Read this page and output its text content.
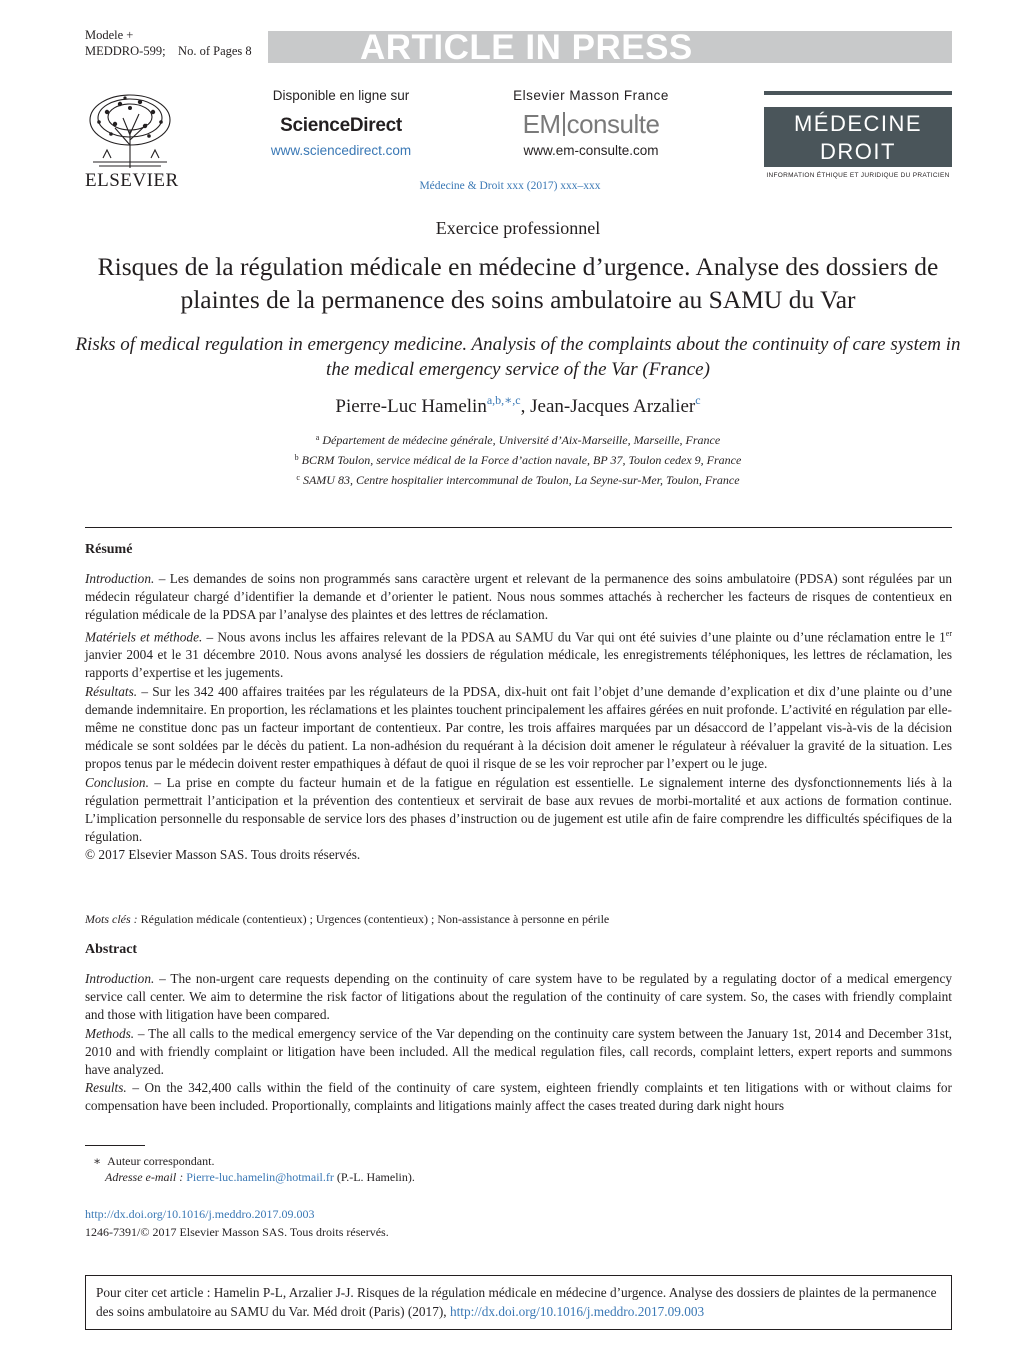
Modele +
MEDDRO-599;    No. of Pages 8	ARTICLE IN PRESS
ELSEVIER
Disponible en ligne sur
ScienceDirect
www.sciencedirect.com
Elsevier Masson France
EM consulte
www.em-consulte.com
MÉDECINE
DROIT
INFORMATION ÉTHIQUE ET JURIDIQUE DU PRATICIEN
Médecine & Droit xxx (2017) xxx–xxx
Exercice professionnel
Risques de la régulation médicale en médecine d’urgence. Analyse des dossiers de plaintes de la permanence des soins ambulatoire au SAMU du Var
Risks of medical regulation in emergency medicine. Analysis of the complaints about the continuity of care system in the medical emergency service of the Var (France)
Pierre-Luc Hamelin$^{a,b,∗,c}$, Jean-Jacques Arzalier$^c$
$^a$ Département de médecine générale, Université d’Aix-Marseille, Marseille, France
$^b$ BCRM Toulon, service médical de la Force d’action navale, BP 37, Toulon cedex 9, France
$^c$ SAMU 83, Centre hospitalier intercommunal de Toulon, La Seyne-sur-Mer, Toulon, France
Résumé
Introduction. – Les demandes de soins non programmés sans caractère urgent et relevant de la permanence des soins ambulatoire (PDSA) sont régulées par un médecin régulateur chargé d’identifier la demande et d’orienter le patient. Nous nous sommes attachés à rechercher les facteurs de risques de contentieux en régulation médicale de la PDSA par l’analyse des plaintes et des lettres de réclamation.
Matériels et méthode. – Nous avons inclus les affaires relevant de la PDSA au SAMU du Var qui ont été suivies d’une plainte ou d’une réclamation entre le 1er janvier 2004 et le 31 décembre 2010. Nous avons analysé les dossiers de régulation médicale, les enregistrements téléphoniques, les lettres de réclamation, les rapports d’expertise et les jugements.
Résultats. – Sur les 342 400 affaires traitées par les régulateurs de la PDSA, dix-huit ont fait l’objet d’une demande d’explication et dix d’une plainte ou d’une demande indemnitaire. En proportion, les réclamations et les plaintes touchent principalement les affaires gérées en nuit profonde. L’activité en régulation par elle-même ne constitue donc pas un facteur important de contentieux. Par contre, les trois affaires marquées par un désaccord de l’appelant vis-à-vis de la décision médicale se sont soldées par le décès du patient. La non-adhésion du requérant à la décision doit amener le régulateur à réévaluer la gravité de la situation. Les propos tenus par le médecin doivent rester empathiques à défaut de quoi il risque de se les voir reprocher par l’expert ou le juge.
Conclusion. – La prise en compte du facteur humain et de la fatigue en régulation est essentielle. Le signalement interne des dysfonctionnements liés à la régulation permettrait l’anticipation et la prévention des contentieux et servirait de base aux revues de morbi-mortalité et aux actions de formation continue. L’implication personnelle du responsable de service lors des phases d’instruction ou de jugement est utile afin de faire comprendre les difficultés spécifiques de la régulation.
© 2017 Elsevier Masson SAS. Tous droits réservés.
Mots clés : Régulation médicale (contentieux) ; Urgences (contentieux) ; Non-assistance à personne en périle
Abstract
Introduction. – The non-urgent care requests depending on the continuity of care system have to be regulated by a regulating doctor of a medical emergency service call center. We aim to determine the risk factor of litigations about the regulation of the continuity of care system. So, the cases with friendly complaint and those with litigation have been compared.
Methods. – The all calls to the medical emergency service of the Var depending on the continuity care system between the January 1st, 2014 and December 31st, 2010 and with friendly complaint or litigation have been included. All the medical regulation files, call records, complaint letters, expert reports and summons have analyzed.
Results. – On the 342,400 calls within the field of the continuity of care system, eighteen friendly complaints et ten litigations with or without claims for compensation have been included. Proportionally, complaints and litigations mainly affect the cases treated during dark night hours
∗ Auteur correspondant.
Adresse e-mail : Pierre-luc.hamelin@hotmail.fr (P.-L. Hamelin).
http://dx.doi.org/10.1016/j.meddro.2017.09.003
1246-7391/© 2017 Elsevier Masson SAS. Tous droits réservés.
Pour citer cet article : Hamelin P-L, Arzalier J-J. Risques de la régulation médicale en médecine d’urgence. Analyse des dossiers de plaintes de la permanence des soins ambulatoire au SAMU du Var. Méd droit (Paris) (2017), http://dx.doi.org/10.1016/j.meddro.2017.09.003
